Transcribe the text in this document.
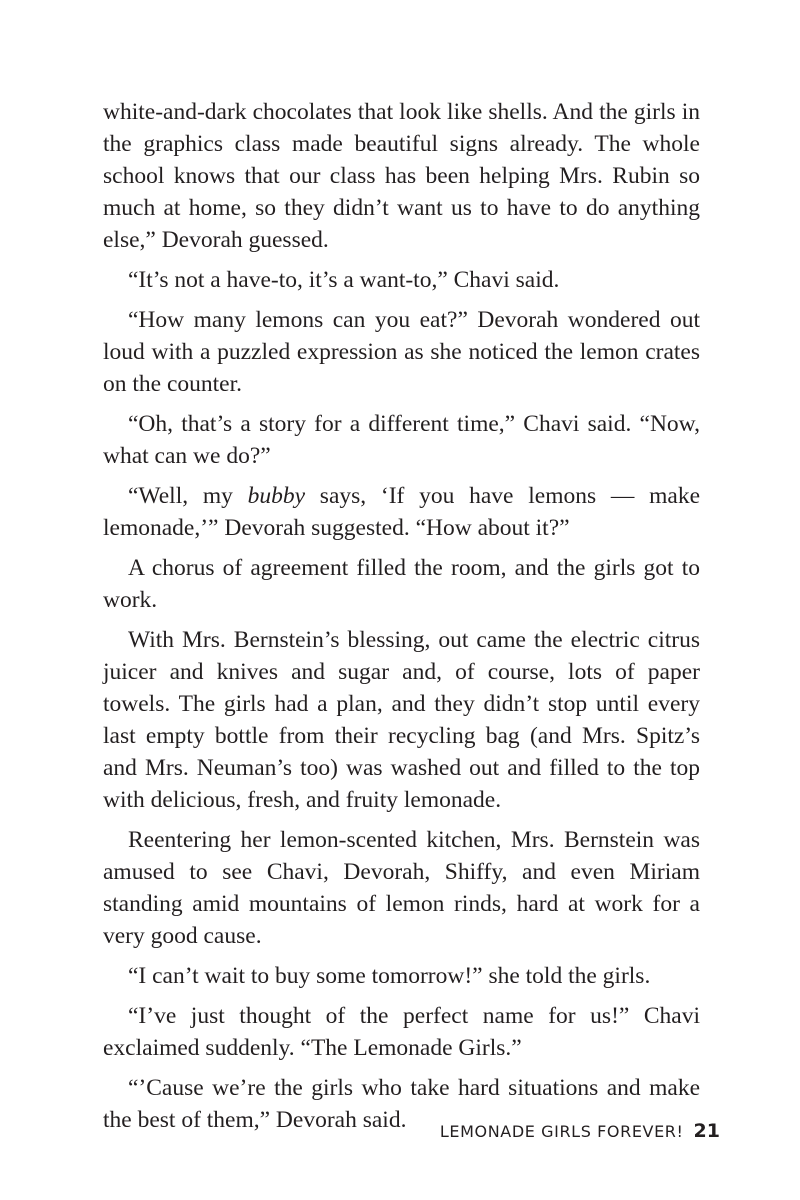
white-and-dark chocolates that look like shells. And the girls in the graphics class made beautiful signs already. The whole school knows that our class has been helping Mrs. Rubin so much at home, so they didn’t want us to have to do anything else,” Devorah guessed.

“It’s not a have-to, it’s a want-to,” Chavi said.

“How many lemons can you eat?” Devorah wondered out loud with a puzzled expression as she noticed the lemon crates on the counter.

“Oh, that’s a story for a different time,” Chavi said. “Now, what can we do?”

“Well, my bubby says, ‘If you have lemons — make lemonade,’” Devorah suggested. “How about it?”

A chorus of agreement filled the room, and the girls got to work.

With Mrs. Bernstein’s blessing, out came the electric citrus juicer and knives and sugar and, of course, lots of paper towels. The girls had a plan, and they didn’t stop until every last empty bottle from their recycling bag (and Mrs. Spitz’s and Mrs. Neuman’s too) was washed out and filled to the top with delicious, fresh, and fruity lemonade.

Reentering her lemon-scented kitchen, Mrs. Bernstein was amused to see Chavi, Devorah, Shiffy, and even Miriam standing amid mountains of lemon rinds, hard at work for a very good cause.

“I can’t wait to buy some tomorrow!” she told the girls.

“I’ve just thought of the perfect name for us!” Chavi exclaimed suddenly. “The Lemonade Girls.”

“’Cause we’re the girls who take hard situations and make the best of them,” Devorah said.	LEMONADE GIRLS FOREVER! 21
